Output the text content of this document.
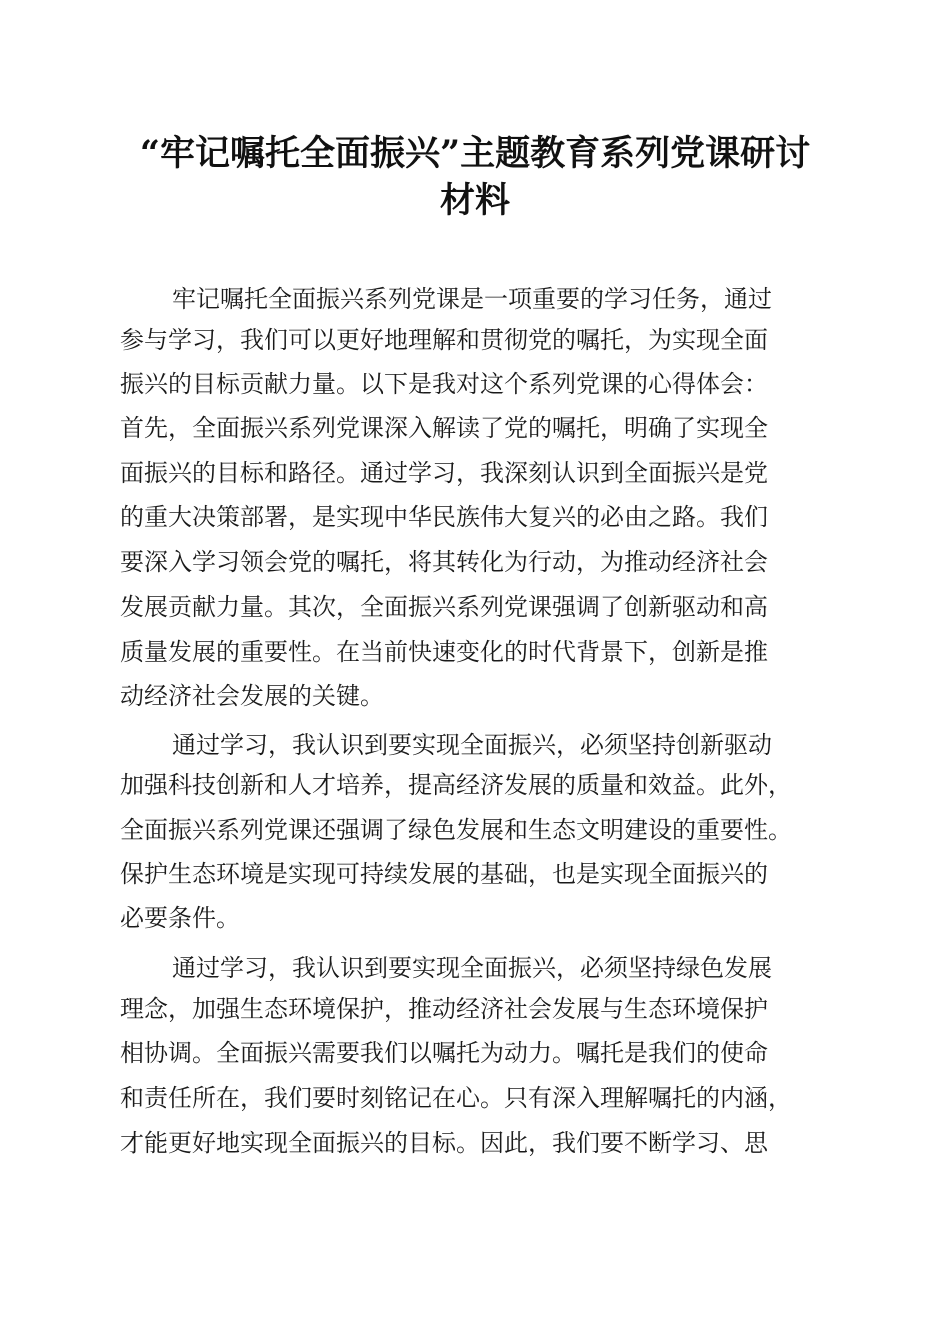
“牢记嘱托全面振兴”主题教育系列党课研讨
材料

牢记嘱托全面振兴系列党课是一项重要的学习任务，通过

参与学习，我们可以更好地理解和贯彻党的嘱托，为实现全面

振兴的目标贡献力量。以下是我对这个系列党课的心得体会：

首先，全面振兴系列党课深入解读了党的嘱托，明确了实现全

面振兴的目标和路径。通过学习，我深刻认识到全面振兴是党

的重大决策部署，是实现中华民族伟大复兴的必由之路。我们

要深入学习领会党的嘱托，将其转化为行动，为推动经济社会

发展贡献力量。其次，全面振兴系列党课强调了创新驱动和高

质量发展的重要性。在当前快速变化的时代背景下，创新是推

动经济社会发展的关键。

通过学习，我认识到要实现全面振兴，必须坚持创新驱动

加强科技创新和人才培养，提高经济发展的质量和效益。此外，

全面振兴系列党课还强调了绿色发展和生态文明建设的重要性。

保护生态环境是实现可持续发展的基础，也是实现全面振兴的

必要条件。

通过学习，我认识到要实现全面振兴，必须坚持绿色发展

理念，加强生态环境保护，推动经济社会发展与生态环境保护

相协调。全面振兴需要我们以嘱托为动力。嘱托是我们的使命

和责任所在，我们要时刻铭记在心。只有深入理解嘱托的内涵，

才能更好地实现全面振兴的目标。因此，我们要不断学习、思
